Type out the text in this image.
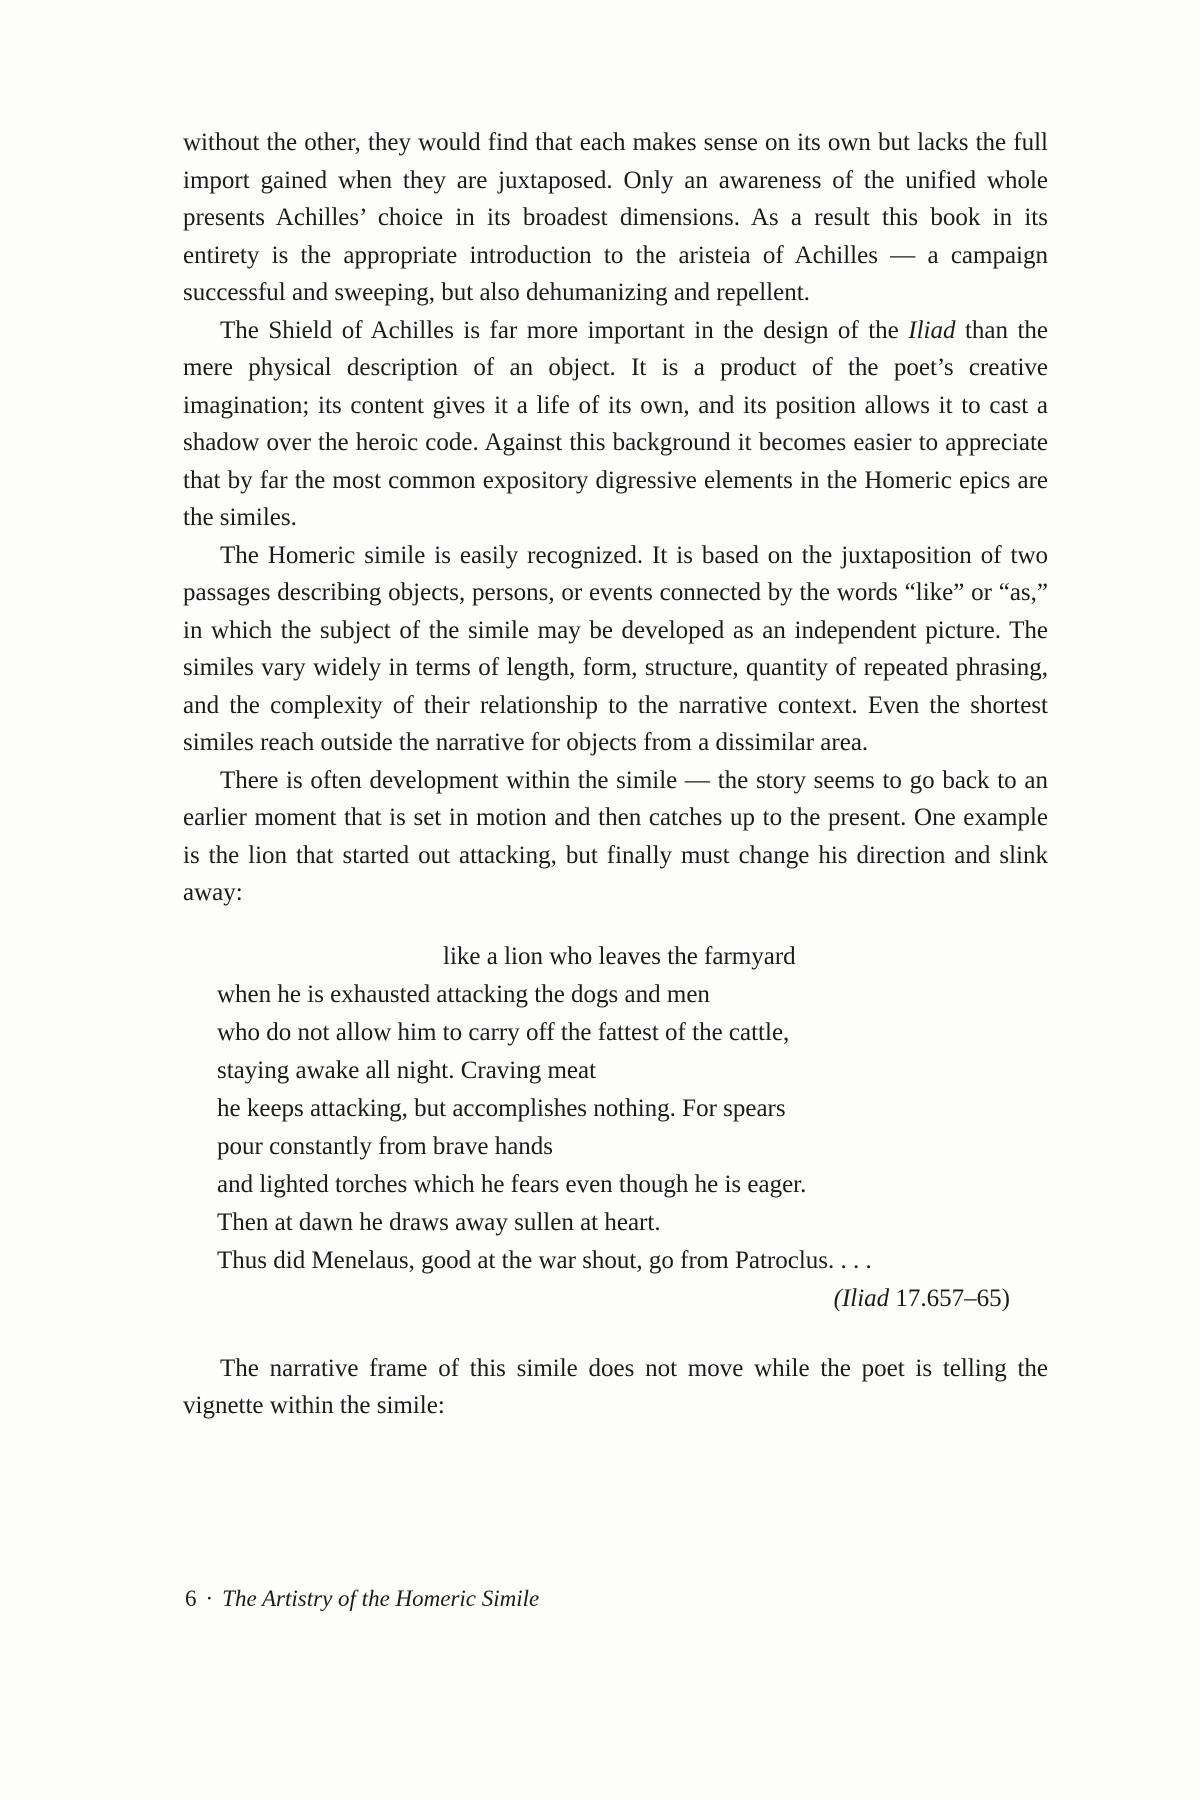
without the other, they would find that each makes sense on its own but lacks the full import gained when they are juxtaposed. Only an awareness of the unified whole presents Achilles’ choice in its broadest dimensions. As a result this book in its entirety is the appropriate introduction to the aristeia of Achilles — a campaign successful and sweeping, but also dehumanizing and repellent.

The Shield of Achilles is far more important in the design of the Iliad than the mere physical description of an object. It is a product of the poet’s creative imagination; its content gives it a life of its own, and its position allows it to cast a shadow over the heroic code. Against this background it becomes easier to appreciate that by far the most common expository digressive elements in the Homeric epics are the similes.

The Homeric simile is easily recognized. It is based on the juxtaposition of two passages describing objects, persons, or events connected by the words “like” or “as,” in which the subject of the simile may be developed as an independent picture. The similes vary widely in terms of length, form, structure, quantity of repeated phrasing, and the complexity of their relationship to the narrative context. Even the shortest similes reach outside the narrative for objects from a dissimilar area.

There is often development within the simile — the story seems to go back to an earlier moment that is set in motion and then catches up to the present. One example is the lion that started out attacking, but finally must change his direction and slink away:

like a lion who leaves the farmyard
when he is exhausted attacking the dogs and men
who do not allow him to carry off the fattest of the cattle,
staying awake all night. Craving meat
he keeps attacking, but accomplishes nothing. For spears
pour constantly from brave hands
and lighted torches which he fears even though he is eager.
Then at dawn he draws away sullen at heart.
Thus did Menelaus, good at the war shout, go from Patroclus. . . .
(Iliad 17.657–65)

The narrative frame of this simile does not move while the poet is telling the vignette within the simile:

6 · The Artistry of the Homeric Simile
